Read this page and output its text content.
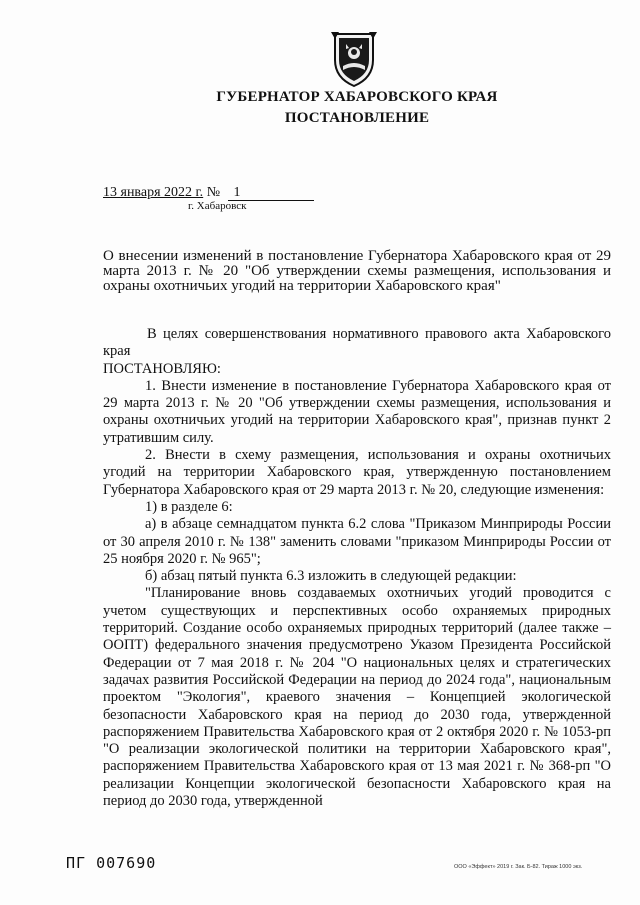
ГУБЕРНАТОР ХАБАРОВСКОГО КРАЯ
ПОСТАНОВЛЕНИЕ
13 января 2022 г. № 1
г. Хабаровск
О внесении изменений в постановление Губернатора Хабаровского края от 29 марта 2013 г. № 20 "Об утверждении схемы размещения, использования и охраны охотничьих угодий на территории Хабаровского края"

В целях совершенствования нормативного правового акта Хабаровского края

ПОСТАНОВЛЯЮ:

1. Внести изменение в постановление Губернатора Хабаровского края от 29 марта 2013 г. № 20 "Об утверждении схемы размещения, использования и охраны охотничьих угодий на территории Хабаровского края", признав пункт 2 утратившим силу.

2. Внести в схему размещения, использования и охраны охотничьих угодий на территории Хабаровского края, утвержденную постановлением Губернатора Хабаровского края от 29 марта 2013 г. № 20, следующие изменения:

1) в разделе 6:

а) в абзаце семнадцатом пункта 6.2 слова "Приказом Минприроды России от 30 апреля 2010 г. № 138" заменить словами "приказом Минприроды России от 25 ноября 2020 г. № 965";

б) абзац пятый пункта 6.3 изложить в следующей редакции:

"Планирование вновь создаваемых охотничьих угодий проводится с учетом существующих и перспективных особо охраняемых природных территорий. Создание особо охраняемых природных территорий (далее также – ООПТ) федерального значения предусмотрено Указом Президента Российской Федерации от 7 мая 2018 г. № 204 "О национальных целях и стратегических задачах развития Российской Федерации на период до 2024 года", национальным проектом "Экология", краевого значения – Концепцией экологической безопасности Хабаровского края на период до 2030 года, утвержденной распоряжением Правительства Хабаровского края от 2 октября 2020 г. № 1053-рп "О реализации экологической политики на территории Хабаровского края", распоряжением Правительства Хабаровского края от 13 мая 2021 г. № 368-рп "О реализации Концепции экологической безопасности Хабаровского края на период до 2030 года, утвержденной

ПГ 007690	ООО «Эффект» 2019 г. Зак. Б-82. Тираж 1000 экз.
